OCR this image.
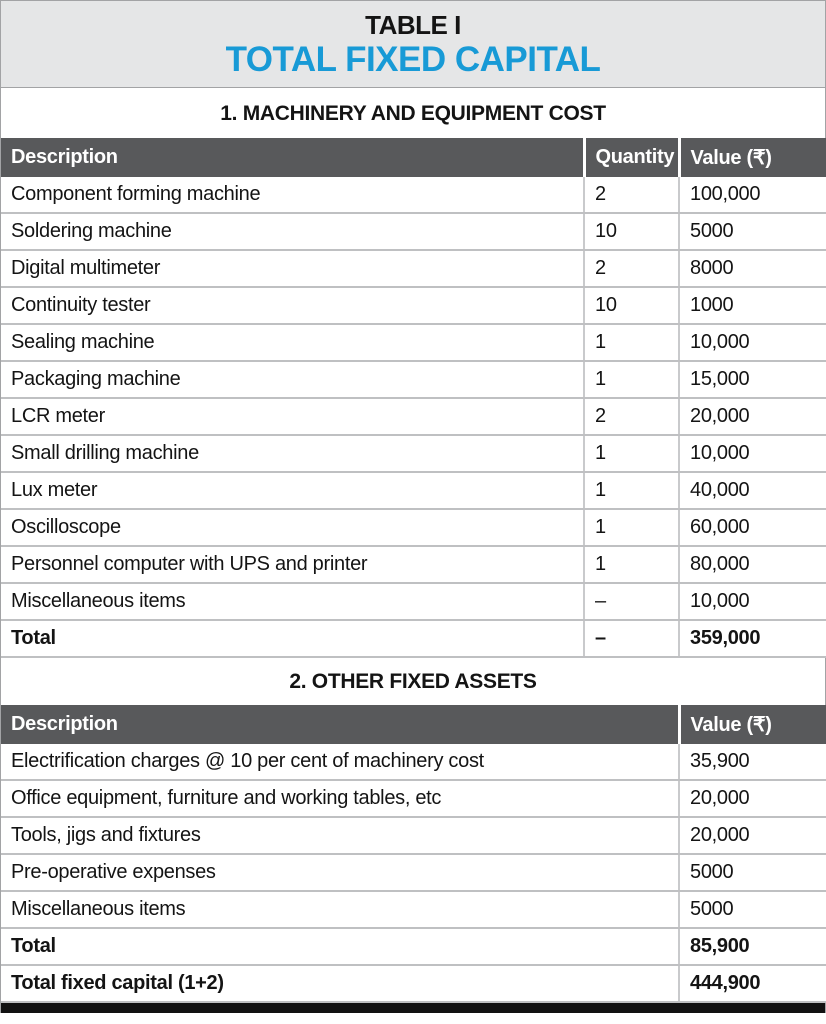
TABLE I
TOTAL FIXED CAPITAL
1. MACHINERY AND EQUIPMENT COST
Description	Quantity	Value (₹)
Component forming machine	2	100,000
Soldering machine	10	5000
Digital multimeter	2	8000
Continuity tester	10	1000
Sealing machine	1	10,000
Packaging machine	1	15,000
LCR meter	2	20,000
Small drilling machine	1	10,000
Lux meter	1	40,000
Oscilloscope	1	60,000
Personnel computer with UPS and printer	1	80,000
Miscellaneous items	–	10,000
Total	–	359,000
2. OTHER FIXED ASSETS
Description	Value (₹)
Electrification charges @ 10 per cent of machinery cost	35,900
Office equipment, furniture and working tables, etc	20,000
Tools, jigs and fixtures	20,000
Pre-operative expenses	5000
Miscellaneous items	5000
Total	85,900
Total fixed capital (1+2)	444,900
